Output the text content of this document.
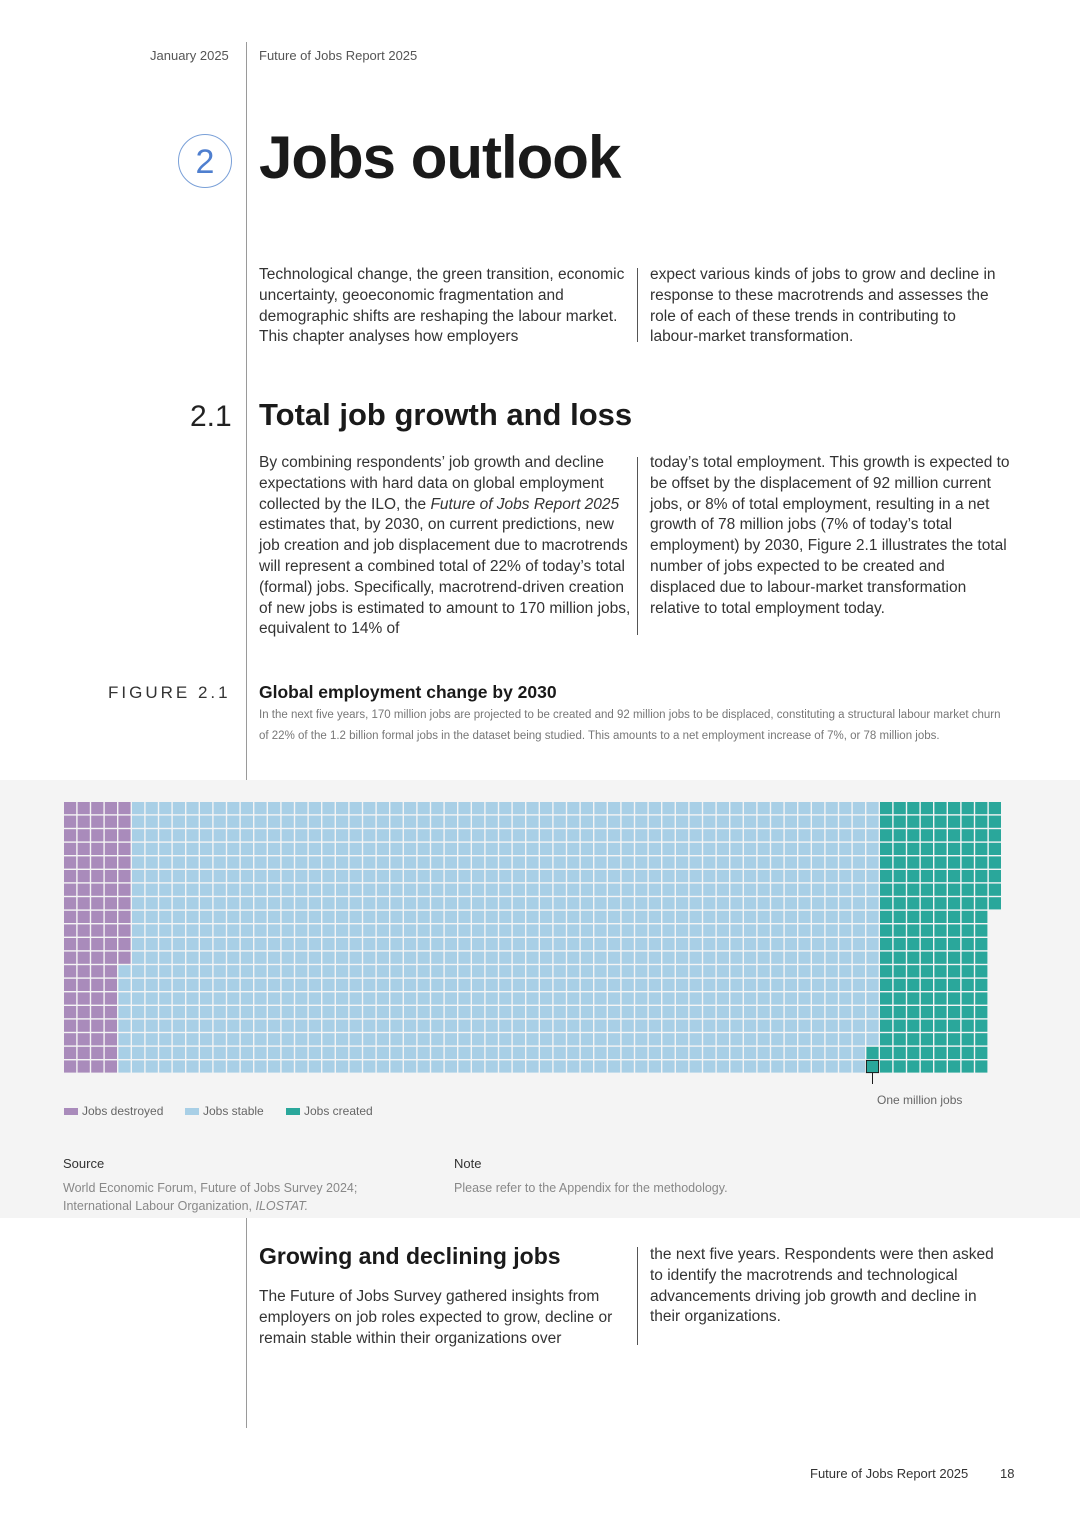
January 2025 Future of Jobs Report 2025
2 Jobs outlook

Technological change, the green transition, economic uncertainty, geoeconomic fragmentation and demographic shifts are reshaping the labour market. This chapter analyses how employers

expect various kinds of jobs to grow and decline in response to these macrotrends and assesses the role of each of these trends in contributing to labour-market transformation.

2.1 Total job growth and loss

By combining respondents’ job growth and decline expectations with hard data on global employment collected by the ILO, the Future of Jobs Report 2025 estimates that, by 2030, on current predictions, new job creation and job displacement due to macrotrends will represent a combined total of 22% of today’s total (formal) jobs. Specifically, macrotrend-driven creation of new jobs is estimated to amount to 170 million jobs, equivalent to 14% of

today’s total employment. This growth is expected to be offset by the displacement of 92 million current jobs, or 8% of total employment, resulting in a net growth of 78 million jobs (7% of today’s total employment) by 2030, Figure 2.1 illustrates the total number of jobs expected to be created and displaced due to labour-market transformation relative to total employment today.

FIGURE 2.1 Global employment change by 2030

In the next five years, 170 million jobs are projected to be created and 92 million jobs to be displaced, constituting a structural labour market churn of 22% of the 1.2 billion formal jobs in the dataset being studied. This amounts to a net employment increase of 7%, or 78 million jobs.

One million jobs
Jobs destroyed	Jobs stable	Jobs created
Source
World Economic Forum, Future of Jobs Survey 2024;
International Labour Organization, ILOSTAT.
Note
Please refer to the Appendix for the methodology.
Growing and declining jobs

The Future of Jobs Survey gathered insights from employers on job roles expected to grow, decline or remain stable within their organizations over

the next five years. Respondents were then asked to identify the macrotrends and technological advancements driving job growth and decline in their organizations.

Future of Jobs Report 2025 18
